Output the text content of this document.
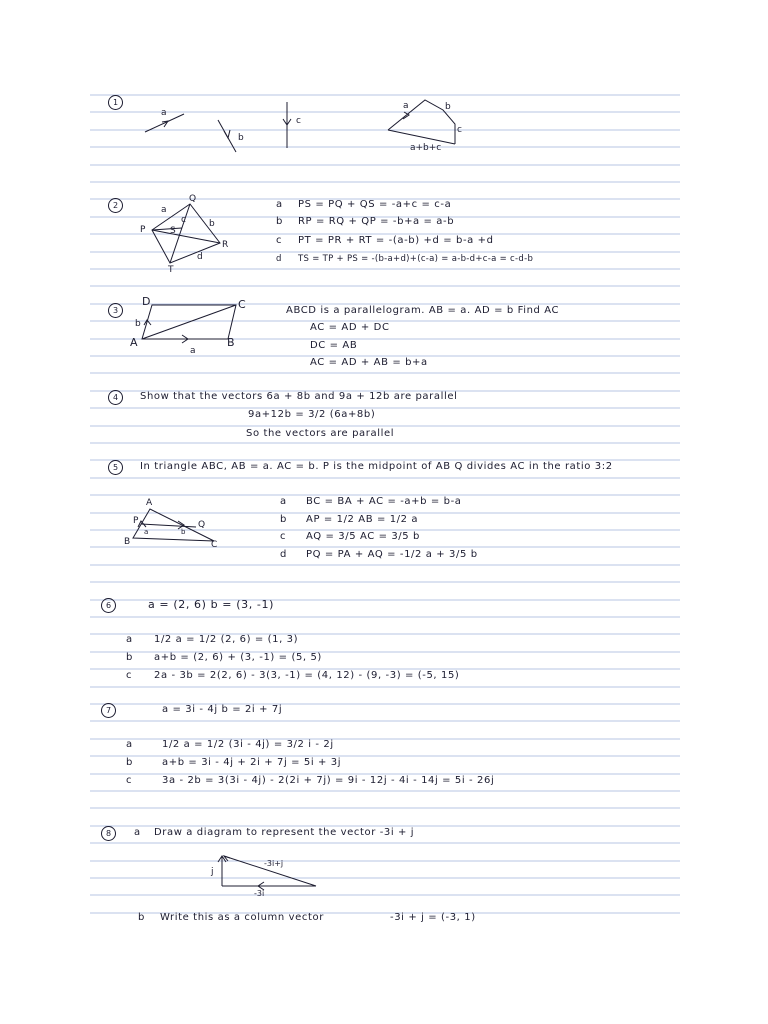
1
a
b
c
a	b
c
a+b+c
2
P
Q
R
T
S
a
b
c
d
a PS = PQ + QS = -a+c = c-a
b RP = RQ + QP = -b+a = a-b
c PT = PR + RT = -(a-b) +d = b-a +d
d TS = TP + PS = -(b-a+d)+(c-a) = a-b-d+c-a = c-d-b
3
A	B
C
D
a
b
ABCD is a parallelogram. AB = a. AD = b Find AC
AC = AD + DC
DC = AB
AC = AD + AB = b+a
4	Show that the vectors 6a + 8b and 9a + 12b are parallel
9a+12b = 3/2 (6a+8b)
So the vectors are parallel
5	In triangle ABC, AB = a. AC = b. P is the midpoint of AB Q divides AC in the ratio 3:2
A
B	C
P	Q
a	b
a BC = BA + AC = -a+b = b-a
b AP = 1/2 AB = 1/2 a
c AQ = 3/5 AC = 3/5 b
d PQ = PA + AQ = -1/2 a + 3/5 b
6	a = (2, 6) b = (3, -1)
a 1/2 a = 1/2 (2, 6) = (1, 3)
b a+b = (2, 6) + (3, -1) = (5, 5)
c 2a - 3b = 2(2, 6) - 3(3, -1) = (4, 12) - (9, -3) = (-5, 15)
7	a = 3i - 4j b = 2i + 7j
a	1/2 a = 1/2 (3i - 4j) = 3/2 i - 2j
b	a+b = 3i - 4j + 2i + 7j = 5i + 3j
c	3a - 2b = 3(3i - 4j) - 2(2i + 7j) = 9i - 12j - 4i - 14j = 5i - 26j
8	a Draw a diagram to represent the vector -3i + j
j
-3i+j
-3i
b Write this as a column vector	-3i + j = (-3, 1)
